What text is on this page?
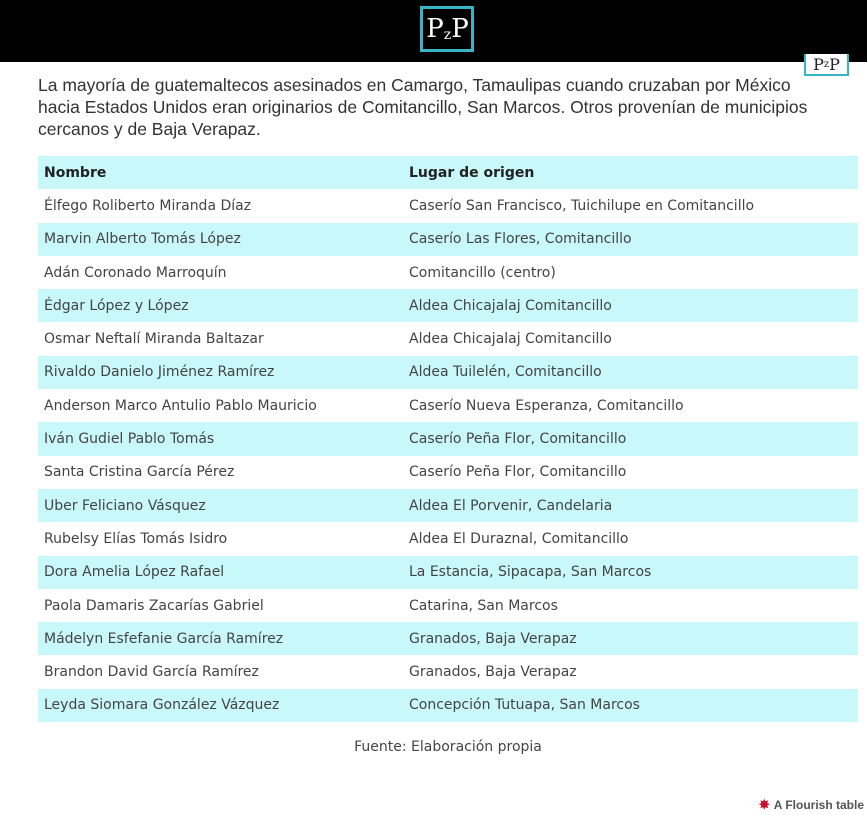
P z P
P z P
La mayoría de guatemaltecos asesinados en Camargo, Tamaulipas cuando cruzaban por México hacia Estados Unidos eran originarios de Comitancillo, San Marcos. Otros provenían de municipios cercanos y de Baja Verapaz.
Nombre	Lugar de origen
Élfego Roliberto Miranda Díaz	Caserío San Francisco, Tuichilupe en Comitancillo
Marvin Alberto Tomás López	Caserío Las Flores, Comitancillo
Adán Coronado Marroquín	Comitancillo (centro)
Édgar López y López	Aldea Chicajalaj Comitancillo
Osmar Neftalí Miranda Baltazar	Aldea Chicajalaj Comitancillo
Rivaldo Danielo Jiménez Ramírez	Aldea Tuilelén, Comitancillo
Anderson Marco Antulio Pablo Mauricio	Caserío Nueva Esperanza, Comitancillo
Iván Gudiel Pablo Tomás	Caserío Peña Flor, Comitancillo
Santa Cristina García Pérez	Caserío Peña Flor, Comitancillo
Uber Feliciano Vásquez	Aldea El Porvenir, Candelaria
Rubelsy Elías Tomás Isidro	Aldea El Duraznal, Comitancillo
Dora Amelia López Rafael	La Estancia, Sipacapa, San Marcos
Paola Damaris Zacarías Gabriel	Catarina, San Marcos
Mádelyn Esfefanie García Ramírez	Granados, Baja Verapaz
Brandon David García Ramírez	Granados, Baja Verapaz
Leyda Siomara González Vázquez	Concepción Tutuapa, San Marcos
Fuente: Elaboración propia
✸ A Flourish table
